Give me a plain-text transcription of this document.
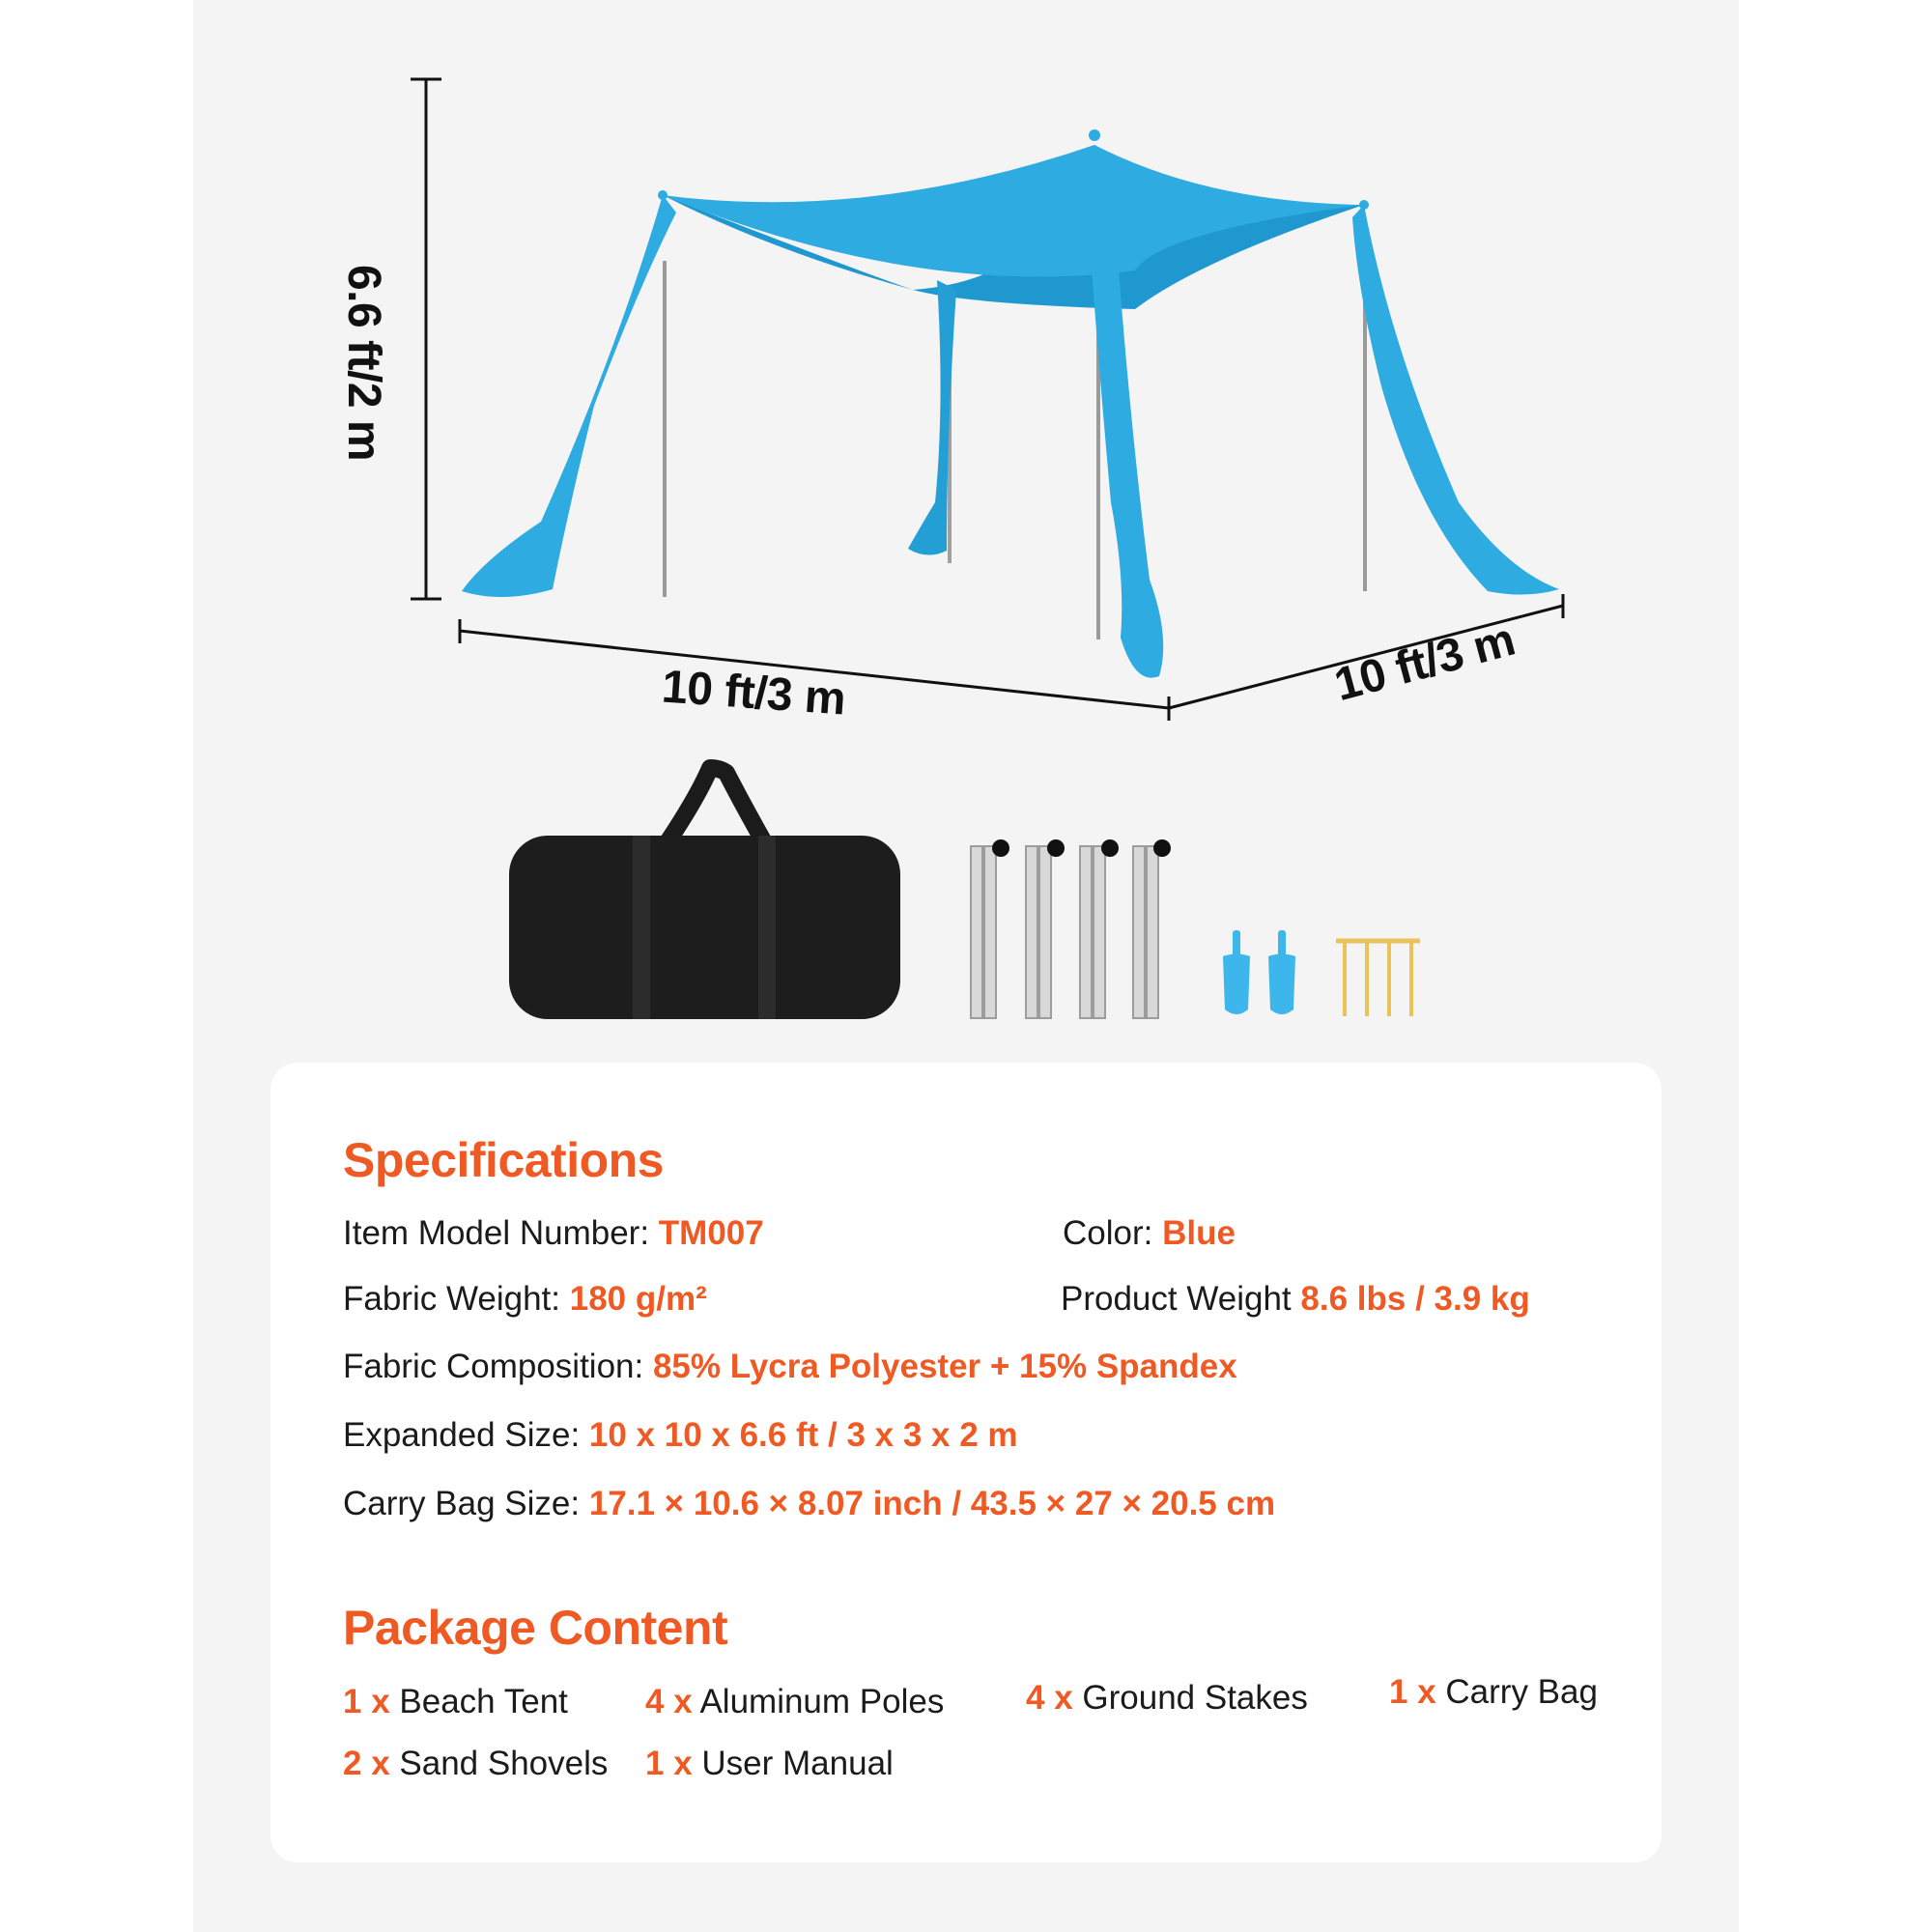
6.6 ft/2 m
10 ft/3 m	10 ft/3 m
Specifications
Item Model Number: TM007	Color: Blue
Fabric Weight: 180 g/m²	Product Weight 8.6 lbs / 3.9 kg
Fabric Composition: 85% Lycra Polyester + 15% Spandex
Expanded Size: 10 x 10 x 6.6 ft / 3 x 3 x 2 m
Carry Bag Size: 17.1 × 10.6 × 8.07 inch / 43.5 × 27 × 20.5 cm
Package Content
1 x Beach Tent 4 x Aluminum Poles 4 x Ground Stakes 1 x Carry Bag
2 x Sand Shovels 1 x User Manual
